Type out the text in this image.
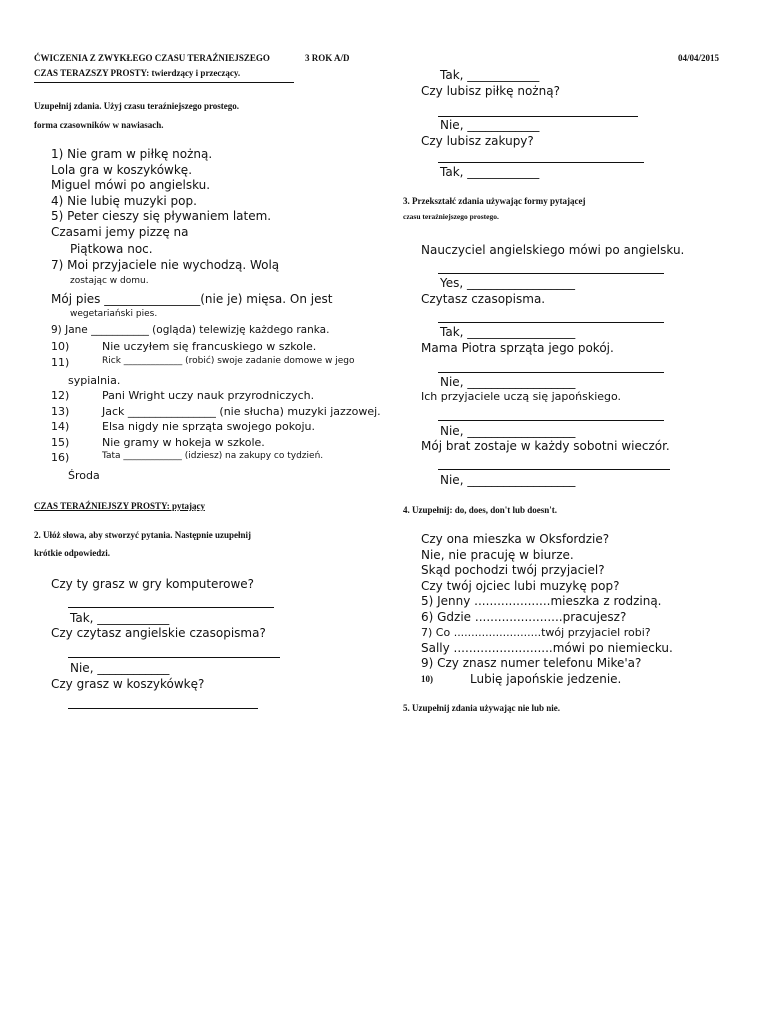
ĆWICZENIA Z ZWYKŁEGO CZASU TERAŹNIEJSZEGO	3 ROK A/D	04/04/2015
CZAS TERAZSZY PROSTY: twierdzący i przeczący.
Uzupełnij zdania. Użyj czasu teraźniejszego prostego.
forma czasowników w nawiasach.
1) Nie gram w piłkę nożną.
Lola gra w koszykówkę.
Miguel mówi po angielsku.
4) Nie lubię muzyki pop.
5) Peter cieszy się pływaniem latem.
Czasami jemy pizzę na
Piątkowa noc.
7) Moi przyjaciele nie wychodzą. Wolą
zostając w domu.
Mój pies ________________(nie je) mięsa. On jest
wegetariański pies.
9) Jane ___________ (ogląda) telewizję każdego ranka.
10)	Nie uczyłem się francuskiego w szkole.
11)	Rick _____________ (robić) swoje zadanie domowe w jego
sypialnia.
12)	Pani Wright uczy nauk przyrodniczych.
13)	Jack ________________ (nie słucha) muzyki jazzowej.
14)	Elsa nigdy nie sprząta swojego pokoju.
15)	Nie gramy w hokeja w szkole.
16)	Tata _____________ (idziesz) na zakupy co tydzień.
Środa
CZAS TERAŹNIEJSZY PROSTY: pytający
2. Ułóż słowa, aby stworzyć pytania. Następnie uzupełnij
krótkie odpowiedzi.
Czy ty grasz w gry komputerowe?
Tak, ____________
Czy czytasz angielskie czasopisma?
Nie, ____________
Czy grasz w koszykówkę?
Tak, ____________
Czy lubisz piłkę nożną?
Nie, ____________
Czy lubisz zakupy?
Tak, ____________
3. Przekształć zdania używając formy pytającej
czasu teraźniejszego prostego.
Nauczyciel angielskiego mówi po angielsku.
Yes, __________________
Czytasz czasopisma.
Tak, __________________
Mama Piotra sprząta jego pokój.
Nie, __________________
Ich przyjaciele uczą się japońskiego.
Nie, __________________
Mój brat zostaje w każdy sobotni wieczór.
Nie, __________________
4. Uzupełnij: do, does, don't lub doesn't.
Czy ona mieszka w Oksfordzie?
Nie, nie pracuję w biurze.
Skąd pochodzi twój przyjaciel?
Czy twój ojciec lubi muzykę pop?
5) Jenny ....................mieszka z rodziną.
6) Gdzie .......................pracujesz?
7) Co .........................twój przyjaciel robi?
Sally ..........................mówi po niemiecku.
9) Czy znasz numer telefonu Mike'a?
10)	Lubię japońskie jedzenie.
5. Uzupełnij zdania używając nie lub nie.
